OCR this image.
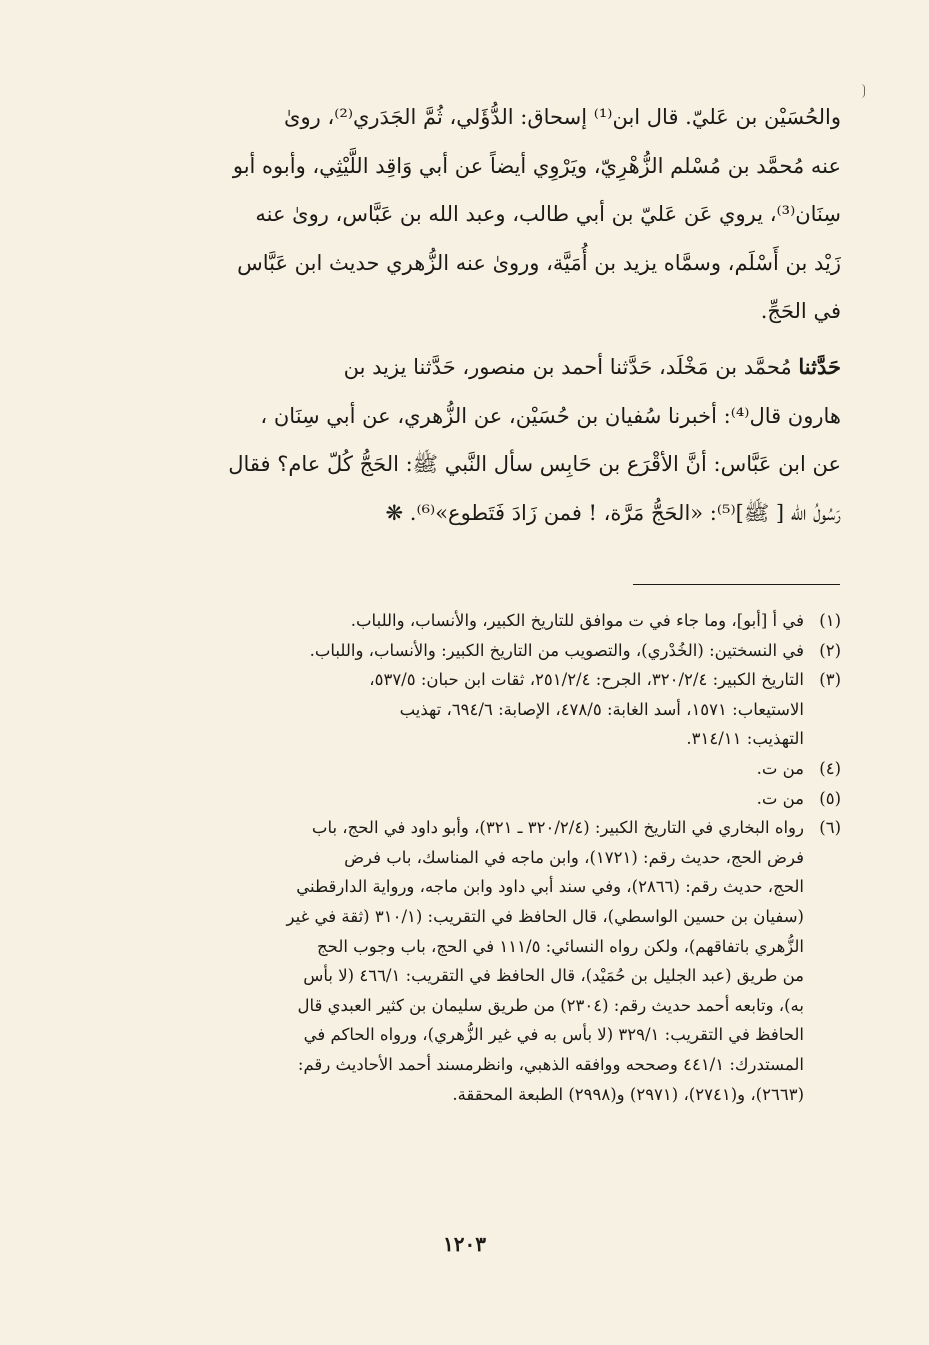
والحُسَيْن بن عَليّ. قال ابن⁽¹⁾ إسحاق: الدُّؤَلي، ثُمَّ الجَدَري⁽²⁾، روىٰ
عنه مُحمَّد بن مُسْلم الزُّهْرِيّ، ويَرْوِي أيضاً عن أبي وَاقِد اللَّيْثِي، وأبوه أبو
سِنَان⁽³⁾، يروي عَن عَليّ بن أبي طالب، وعبد الله بن عَبَّاس، روىٰ عنه
زَيْد بن أَسْلَم، وسمَّاه يزيد بن أُمَيَّة، ورویٰ عنه الزُّهري حديث ابن عَبَّاس
في الحَجِّ.
حَدَّثنا مُحمَّد بن مَخْلَد، حَدَّثنا أحمد بن منصور، حَدَّثنا يزيد بن
هارون قال⁽⁴⁾: أخبرنا سُفيان بن حُسَيْن، عن الزُّهري، عن أبي سِنَان ،
عن ابن عَبَّاس: أنَّ الأقْرَع بن حَابِس سأل النَّبي ﷺ: الحَجُّ كُلّ عام؟ فقال
رَسُولُ الله [ ﷺ]⁽⁵⁾: «الحَجُّ مَرَّة، ! فمن زَادَ فَتَطوع»⁽⁶⁾. ❋
(١)
في أ [أبو]، وما جاء في ت موافق للتاريخ الكبير، والأنساب، واللباب.
(٢)
في النسختين: (الخُدْري)، والتصويب من التاريخ الكبير: والأنساب، واللباب.
(٣)
التاريخ الكبير: ٣٢٠/٢/٤، الجرح: ٢٥١/٢/٤، ثقات ابن حبان: ٥٣٧/٥،
الاستيعاب: ١٥٧١، أسد الغابة: ٤٧٨/٥، الإصابة: ٦٩٤/٦، تهذيب
التهذيب: ٣١٤/١١.
(٤)
من ت.
(٥)
من ت.
(٦)
رواه البخاري في التاريخ الكبير: (٣٢٠/٢/٤ ـ ٣٢١)، وأبو داود في الحج، باب
فرض الحج، حديث رقم: (١٧٢١)، وابن ماجه في المناسك، باب فرض
الحج، حديث رقم: (٢٨٦٦)، وفي سند أبي داود وابن ماجه، ورواية الدارقطني
(سفيان بن حسين الواسطي)، قال الحافظ في التقريب: (٣١٠/١ (ثقة في غير
الزُّهري باتفاقهم)، ولكن رواه النسائي: ١١١/٥ في الحج، باب وجوب الحج
من طريق (عبد الجليل بن حُمَيْد)، قال الحافظ في التقريب: ٤٦٦/١ (لا بأس
به)، وتابعه أحمد حديث رقم: (٢٣٠٤) من طريق سليمان بن كثير العبدي قال
الحافظ في التقريب: ٣٢٩/١ (لا بأس به في غير الزُّهري)، ورواه الحاكم في
المستدرك: ٤٤١/١ وصححه ووافقه الذهبي، وانظرمسند أحمد الأحاديث رقم:
(٢٦٦٣)، و(٢٧٤١)، (٢٩٧١) و(٢٩٩٨) الطبعة المحققة.
١٢٠٣
